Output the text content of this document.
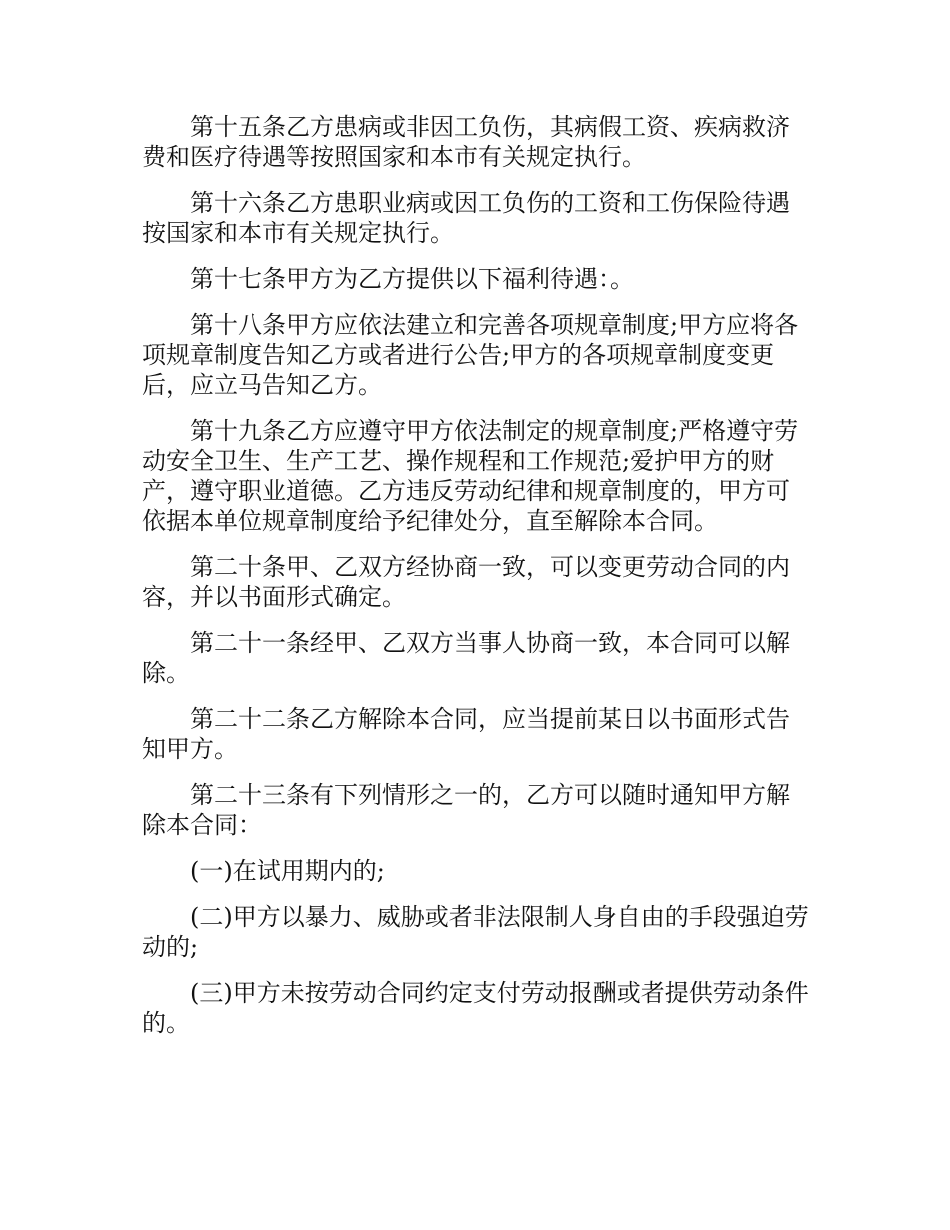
第十五条乙方患病或非因工负伤，其病假工资、疾病救济费和医疗待遇等按照国家和本市有关规定执行。

第十六条乙方患职业病或因工负伤的工资和工伤保险待遇按国家和本市有关规定执行。

第十七条甲方为乙方提供以下福利待遇：。

第十八条甲方应依法建立和完善各项规章制度;甲方应将各项规章制度告知乙方或者进行公告;甲方的各项规章制度变更后，应立马告知乙方。

第十九条乙方应遵守甲方依法制定的规章制度;严格遵守劳动安全卫生、生产工艺、操作规程和工作规范;爱护甲方的财产，遵守职业道德。乙方违反劳动纪律和规章制度的，甲方可依据本单位规章制度给予纪律处分，直至解除本合同。

第二十条甲、乙双方经协商一致，可以变更劳动合同的内容，并以书面形式确定。

第二十一条经甲、乙双方当事人协商一致，本合同可以解除。

第二十二条乙方解除本合同，应当提前某日以书面形式告知甲方。

第二十三条有下列情形之一的，乙方可以随时通知甲方解除本合同：

(一)在试用期内的;

(二)甲方以暴力、威胁或者非法限制人身自由的手段强迫劳动的;

(三)甲方未按劳动合同约定支付劳动报酬或者提供劳动条件的。
